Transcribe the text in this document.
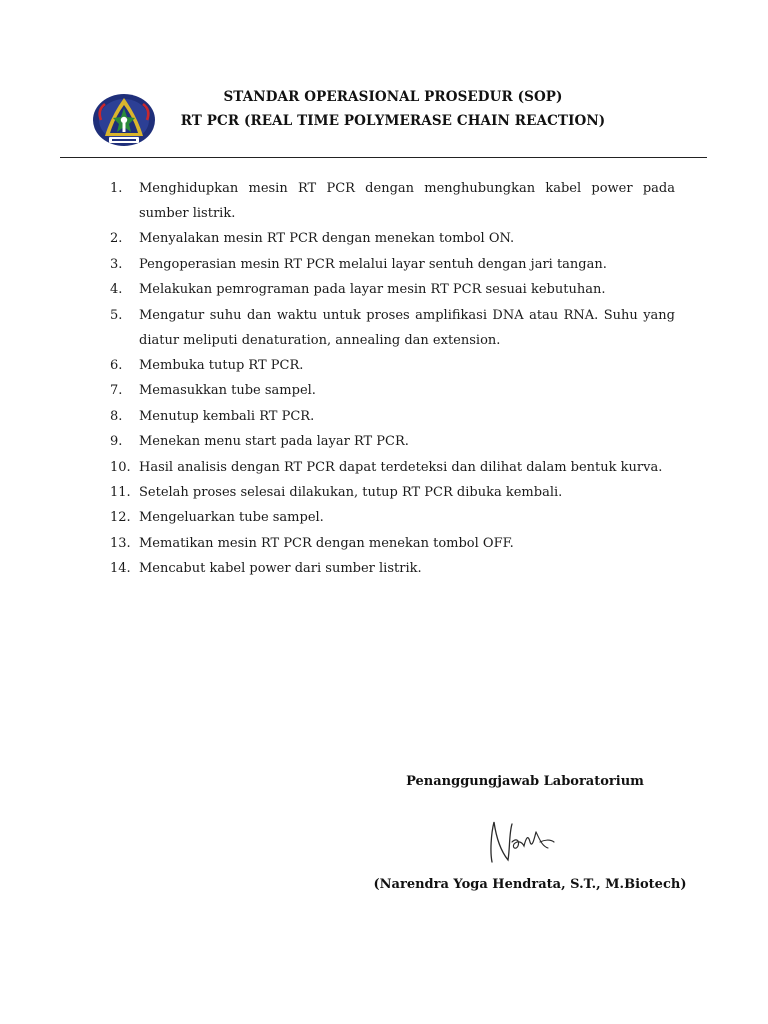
STANDAR OPERASIONAL PROSEDUR (SOP)
RT PCR (REAL TIME POLYMERASE CHAIN REACTION)
1.	Menghidupkan mesin RT PCR dengan menghubungkan kabel power pada sumber listrik.
2.	Menyalakan mesin RT PCR dengan menekan tombol ON.
3.	Pengoperasian mesin RT PCR melalui layar sentuh dengan jari tangan.
4.	Melakukan pemrograman pada layar mesin RT PCR sesuai kebutuhan.
5.	Mengatur suhu dan waktu untuk proses amplifikasi DNA atau RNA. Suhu yang diatur meliputi denaturation, annealing dan extension.
6.	Membuka tutup RT PCR.
7.	Memasukkan tube sampel.
8.	Menutup kembali RT PCR.
9.	Menekan menu start pada layar RT PCR.
10. Hasil analisis dengan RT PCR dapat terdeteksi dan dilihat dalam bentuk kurva.
11. Setelah proses selesai dilakukan, tutup RT PCR dibuka kembali.
12. Mengeluarkan tube sampel.
13. Mematikan mesin RT PCR dengan menekan tombol OFF.
14. Mencabut kabel power dari sumber listrik.
Penanggungjawab Laboratorium
(Narendra Yoga Hendrata, S.T., M.Biotech)
